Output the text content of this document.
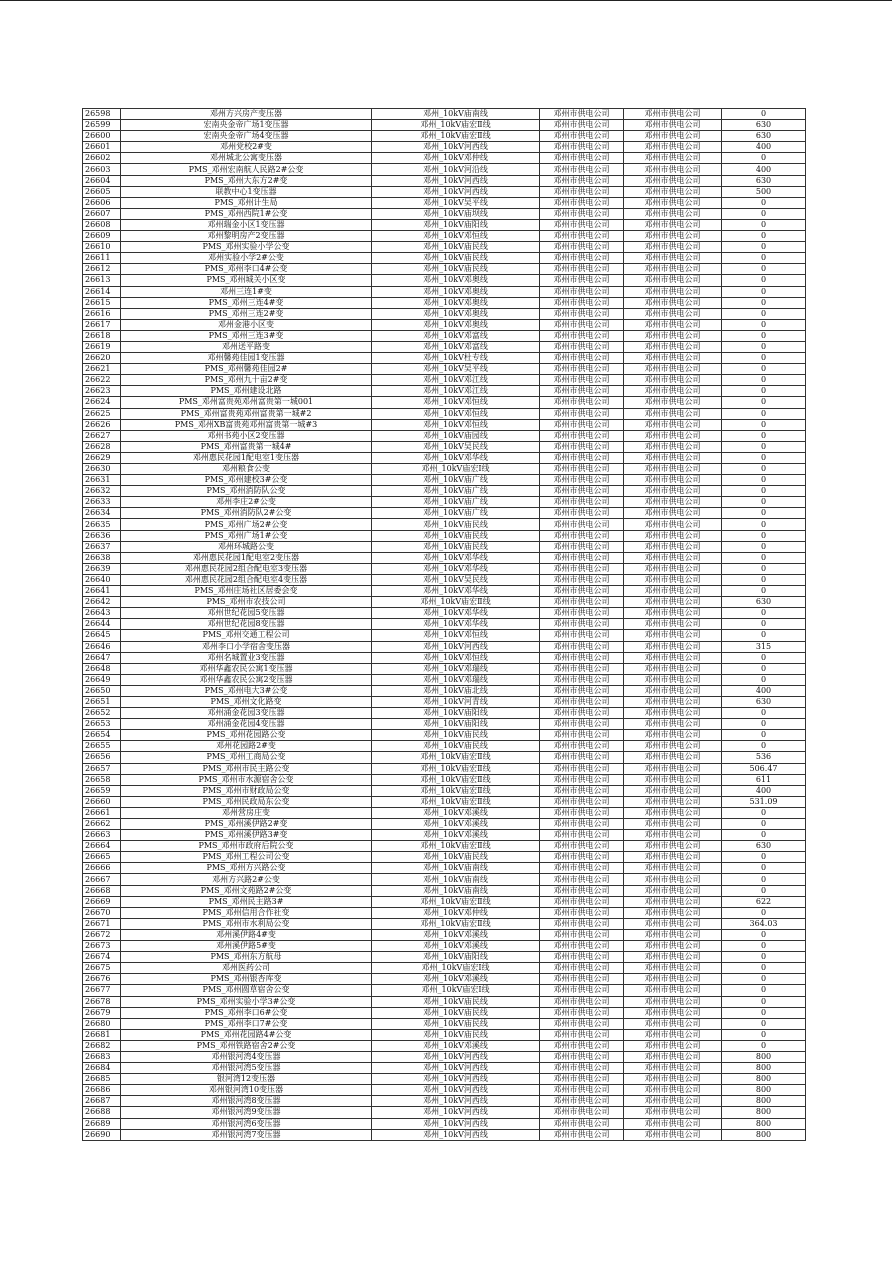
26598	邓州方兴房产变压器	邓州_10kV庙南线	邓州市供电公司	邓州市供电公司	0
26599	宏南央金帝广场1变压器	邓州_10kV庙宏Ⅱ线	邓州市供电公司	邓州市供电公司	630
26600	宏南央金帝广场4变压器	邓州_10kV庙宏Ⅱ线	邓州市供电公司	邓州市供电公司	630
26601	邓州党校2#变	邓州_10kV河西线	邓州市供电公司	邓州市供电公司	400
26602	邓州城北公寓变压器	邓州_10kV邓仲线	邓州市供电公司	邓州市供电公司	0
26603	PMS_邓州宏南航人民路2#公变	邓州_10kV河沿线	邓州市供电公司	邓州市供电公司	400
26604	PMS_邓州大东方2#变	邓州_10kV河西线	邓州市供电公司	邓州市供电公司	630
26605	联教中心1变压器	邓州_10kV河西线	邓州市供电公司	邓州市供电公司	500
26606	PMS_邓州计生局	邓州_10kV吴平线	邓州市供电公司	邓州市供电公司	0
26607	PMS_邓州西院1#公变	邓州_10kV庙坝线	邓州市供电公司	邓州市供电公司	0
26608	邓州瑞金小区1变压器	邓州_10kV庙阳线	邓州市供电公司	邓州市供电公司	0
26609	邓州黎明房产2变压器	邓州_10kV邓恒线	邓州市供电公司	邓州市供电公司	0
26610	PMS_邓州实验小学公变	邓州_10kV庙民线	邓州市供电公司	邓州市供电公司	0
26611	邓州实验小学2#公变	邓州_10kV庙民线	邓州市供电公司	邓州市供电公司	0
26612	PMS_邓州李口4#公变	邓州_10kV庙民线	邓州市供电公司	邓州市供电公司	0
26613	PMS_邓州城关小区变	邓州_10kV邓奥线	邓州市供电公司	邓州市供电公司	0
26614	邓州三连1#变	邓州_10kV邓奥线	邓州市供电公司	邓州市供电公司	0
26615	PMS_邓州三连4#变	邓州_10kV邓奥线	邓州市供电公司	邓州市供电公司	0
26616	PMS_邓州三连2#变	邓州_10kV邓奥线	邓州市供电公司	邓州市供电公司	0
26617	邓州金港小区变	邓州_10kV邓奥线	邓州市供电公司	邓州市供电公司	0
26618	PMS_邓州三连3#变	邓州_10kV邓富线	邓州市供电公司	邓州市供电公司	0
26619	邓州送平路变	邓州_10kV邓富线	邓州市供电公司	邓州市供电公司	0
26620	邓州馨苑佳园1变压器	邓州_10kV杜专线	邓州市供电公司	邓州市供电公司	0
26621	PMS_邓州馨苑佳园2#	邓州_10kV吴平线	邓州市供电公司	邓州市供电公司	0
26622	PMS_邓州九十亩2#变	邓州_10kV邓江线	邓州市供电公司	邓州市供电公司	0
26623	PMS_邓州建设北路	邓州_10kV邓江线	邓州市供电公司	邓州市供电公司	0
26624	PMS_邓州富贵苑邓州富贵第一城001	邓州_10kV邓恒线	邓州市供电公司	邓州市供电公司	0
26625	PMS_邓州富贵苑邓州富贵第一城#2	邓州_10kV邓恒线	邓州市供电公司	邓州市供电公司	0
26626	PMS_邓州XB富贵苑邓州富贵第一城#3	邓州_10kV邓恒线	邓州市供电公司	邓州市供电公司	0
26627	邓州书苑小区2变压器	邓州_10kV庙园线	邓州市供电公司	邓州市供电公司	0
26628	PMS_邓州富贵第一城4#	邓州_10kV吴民线	邓州市供电公司	邓州市供电公司	0
26629	邓州惠民花园1配电室1变压器	邓州_10kV邓华线	邓州市供电公司	邓州市供电公司	0
26630	邓州粮食公变	邓州_10kV庙宏Ⅰ线	邓州市供电公司	邓州市供电公司	0
26631	PMS_邓州建校3#公变	邓州_10kV庙广线	邓州市供电公司	邓州市供电公司	0
26632	PMS_邓州消防队公变	邓州_10kV庙广线	邓州市供电公司	邓州市供电公司	0
26633	邓州李庄2#公变	邓州_10kV庙广线	邓州市供电公司	邓州市供电公司	0
26634	PMS_邓州消防队2#公变	邓州_10kV庙广线	邓州市供电公司	邓州市供电公司	0
26635	PMS_邓州广场2#公变	邓州_10kV庙民线	邓州市供电公司	邓州市供电公司	0
26636	PMS_邓州广场1#公变	邓州_10kV庙民线	邓州市供电公司	邓州市供电公司	0
26637	邓州环城路公变	邓州_10kV庙民线	邓州市供电公司	邓州市供电公司	0
26638	邓州惠民花园1配电室2变压器	邓州_10kV邓华线	邓州市供电公司	邓州市供电公司	0
26639	邓州惠民花园2组合配电室3变压器	邓州_10kV邓华线	邓州市供电公司	邓州市供电公司	0
26640	邓州惠民花园2组合配电室4变压器	邓州_10kV吴民线	邓州市供电公司	邓州市供电公司	0
26641	PMS_邓州庄场社区居委会变	邓州_10kV邓华线	邓州市供电公司	邓州市供电公司	0
26642	PMS_邓州市农技公司	邓州_10kV庙宏Ⅱ线	邓州市供电公司	邓州市供电公司	630
26643	邓州世纪花园5变压器	邓州_10kV邓华线	邓州市供电公司	邓州市供电公司	0
26644	邓州世纪花园8变压器	邓州_10kV邓华线	邓州市供电公司	邓州市供电公司	0
26645	PMS_邓州交通工程公司	邓州_10kV邓恒线	邓州市供电公司	邓州市供电公司	0
26646	邓州李口小学宿舍变压器	邓州_10kV河西线	邓州市供电公司	邓州市供电公司	315
26647	邓州名城置业3变压器	邓州_10kV邓恒线	邓州市供电公司	邓州市供电公司	0
26648	邓州华鑫农民公寓1变压器	邓州_10kV邓瑞线	邓州市供电公司	邓州市供电公司	0
26649	邓州华鑫农民公寓2变压器	邓州_10kV邓瑞线	邓州市供电公司	邓州市供电公司	0
26650	PMS_邓州电大3#公变	邓州_10kV庙北线	邓州市供电公司	邓州市供电公司	400
26651	PMS_邓州文化路变	邓州_10kV河青线	邓州市供电公司	邓州市供电公司	630
26652	邓州涌金花园3变压器	邓州_10kV庙阳线	邓州市供电公司	邓州市供电公司	0
26653	邓州涌金花园4变压器	邓州_10kV庙阳线	邓州市供电公司	邓州市供电公司	0
26654	PMS_邓州花园路公变	邓州_10kV庙民线	邓州市供电公司	邓州市供电公司	0
26655	邓州花园路2#变	邓州_10kV庙民线	邓州市供电公司	邓州市供电公司	0
26656	PMS_邓州工商局公变	邓州_10kV庙宏Ⅱ线	邓州市供电公司	邓州市供电公司	536
26657	PMS_邓州市民主路公变	邓州_10kV庙宏Ⅱ线	邓州市供电公司	邓州市供电公司	506.47
26658	PMS_邓州市水源宿舍公变	邓州_10kV庙宏Ⅱ线	邓州市供电公司	邓州市供电公司	611
26659	PMS_邓州市财政局公变	邓州_10kV庙宏Ⅱ线	邓州市供电公司	邓州市供电公司	400
26660	PMS_邓州民政局东公变	邓州_10kV庙宏Ⅱ线	邓州市供电公司	邓州市供电公司	531.09
26661	邓州营房庄变	邓州_10kV邓溪线	邓州市供电公司	邓州市供电公司	0
26662	PMS_邓州溪伊路2#变	邓州_10kV邓溪线	邓州市供电公司	邓州市供电公司	0
26663	PMS_邓州溪伊路3#变	邓州_10kV邓溪线	邓州市供电公司	邓州市供电公司	0
26664	PMS_邓州市政府后院公变	邓州_10kV庙宏Ⅱ线	邓州市供电公司	邓州市供电公司	630
26665	PMS_邓州工程公司公变	邓州_10kV庙民线	邓州市供电公司	邓州市供电公司	0
26666	PMS_邓州方兴路公变	邓州_10kV庙南线	邓州市供电公司	邓州市供电公司	0
26667	邓州方兴路2#公变	邓州_10kV庙南线	邓州市供电公司	邓州市供电公司	0
26668	PMS_邓州文苑路2#公变	邓州_10kV庙南线	邓州市供电公司	邓州市供电公司	0
26669	PMS_邓州民主路3#	邓州_10kV庙宏Ⅱ线	邓州市供电公司	邓州市供电公司	622
26670	PMS_邓州信用合作社变	邓州_10kV邓仲线	邓州市供电公司	邓州市供电公司	0
26671	PMS_邓州市水利局公变	邓州_10kV庙宏Ⅱ线	邓州市供电公司	邓州市供电公司	364.03
26672	邓州溪伊路4#变	邓州_10kV邓溪线	邓州市供电公司	邓州市供电公司	0
26673	邓州溪伊路5#变	邓州_10kV邓溪线	邓州市供电公司	邓州市供电公司	0
26674	PMS_邓州东方航母	邓州_10kV庙阳线	邓州市供电公司	邓州市供电公司	0
26675	邓州医药公司	邓州_10kV庙宏Ⅰ线	邓州市供电公司	邓州市供电公司	0
26676	PMS_邓州银杏库变	邓州_10kV邓溪线	邓州市供电公司	邓州市供电公司	0
26677	PMS_邓州圆草宿舍公变	邓州_10kV庙宏Ⅰ线	邓州市供电公司	邓州市供电公司	0
26678	PMS_邓州实验小学3#公变	邓州_10kV庙民线	邓州市供电公司	邓州市供电公司	0
26679	PMS_邓州李口6#公变	邓州_10kV庙民线	邓州市供电公司	邓州市供电公司	0
26680	PMS_邓州李口7#公变	邓州_10kV庙民线	邓州市供电公司	邓州市供电公司	0
26681	PMS_邓州花园路4#公变	邓州_10kV庙民线	邓州市供电公司	邓州市供电公司	0
26682	PMS_邓州铁路宿舍2#公变	邓州_10kV邓溪线	邓州市供电公司	邓州市供电公司	0
26683	邓州银河湾4变压器	邓州_10kV河西线	邓州市供电公司	邓州市供电公司	800
26684	邓州银河湾5变压器	邓州_10kV河西线	邓州市供电公司	邓州市供电公司	800
26685	银河湾12变压器	邓州_10kV河西线	邓州市供电公司	邓州市供电公司	800
26686	邓州银河湾10变压器	邓州_10kV河西线	邓州市供电公司	邓州市供电公司	800
26687	邓州银河湾8变压器	邓州_10kV河西线	邓州市供电公司	邓州市供电公司	800
26688	邓州银河湾9变压器	邓州_10kV河西线	邓州市供电公司	邓州市供电公司	800
26689	邓州银河湾6变压器	邓州_10kV河西线	邓州市供电公司	邓州市供电公司	800
26690	邓州银河湾7变压器	邓州_10kV河西线	邓州市供电公司	邓州市供电公司	800
